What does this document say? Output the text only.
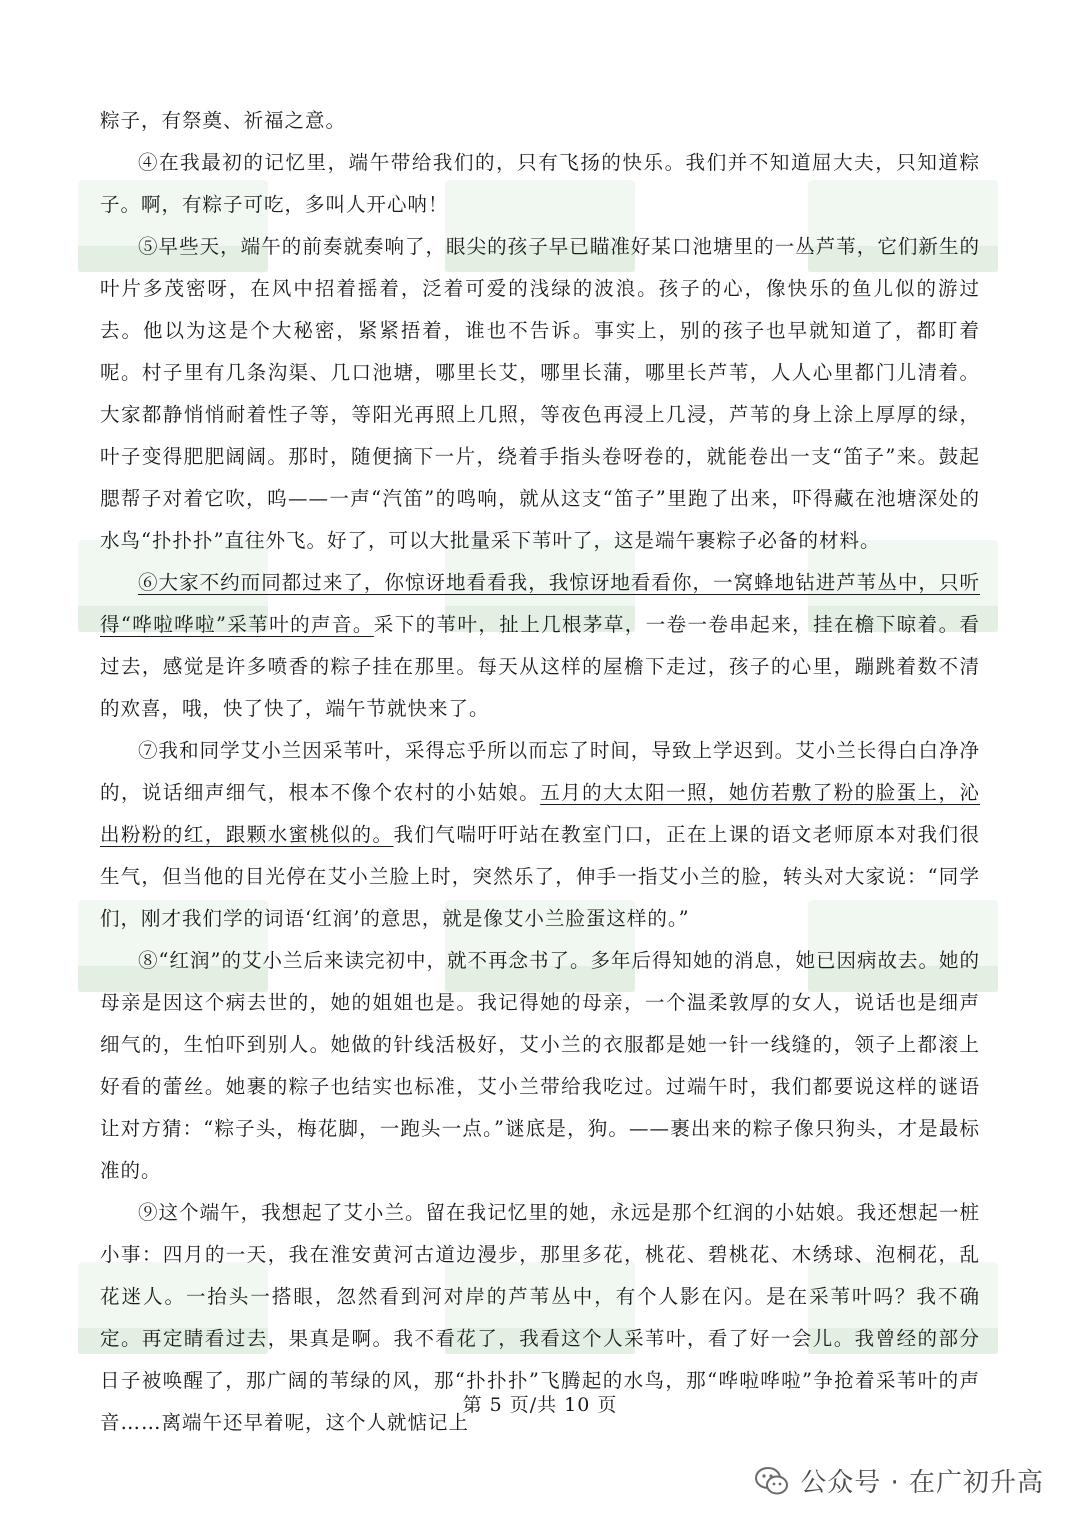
粽子，有祭奠、祈福之意。

④在我最初的记忆里，端午带给我们的，只有飞扬的快乐。我们并不知道屈大夫，只知道粽子。啊，有粽子可吃，多叫人开心呐！

⑤早些天，端午的前奏就奏响了，眼尖的孩子早已瞄准好某口池塘里的一丛芦苇，它们新生的叶片多茂密呀，在风中招着摇着，泛着可爱的浅绿的波浪。孩子的心，像快乐的鱼儿似的游过去。他以为这是个大秘密，紧紧捂着，谁也不告诉。事实上，别的孩子也早就知道了，都盯着呢。村子里有几条沟渠、几口池塘，哪里长艾，哪里长蒲，哪里长芦苇，人人心里都门儿清着。大家都静悄悄耐着性子等，等阳光再照上几照，等夜色再浸上几浸，芦苇的身上涂上厚厚的绿，叶子变得肥肥阔阔。那时，随便摘下一片，绕着手指头卷呀卷的，就能卷出一支“笛子”来。鼓起腮帮子对着它吹，呜——一声“汽笛”的鸣响，就从这支“笛子”里跑了出来，吓得藏在池塘深处的水鸟“扑扑扑”直往外飞。好了，可以大批量采下苇叶了，这是端午裹粽子必备的材料。

⑥大家不约而同都过来了，你惊讶地看看我，我惊讶地看看你，一窝蜂地钻进芦苇丛中，只听得“哗啦哗啦”采苇叶的声音。采下的苇叶，扯上几根茅草，一卷一卷串起来，挂在檐下晾着。看过去，感觉是许多喷香的粽子挂在那里。每天从这样的屋檐下走过，孩子的心里，蹦跳着数不清的欢喜，哦，快了快了，端午节就快来了。

⑦我和同学艾小兰因采苇叶，采得忘乎所以而忘了时间，导致上学迟到。艾小兰长得白白净净的，说话细声细气，根本不像个农村的小姑娘。五月的大太阳一照，她仿若敷了粉的脸蛋上，沁出粉粉的红，跟颗水蜜桃似的。我们气喘吁吁站在教室门口，正在上课的语文老师原本对我们很生气，但当他的目光停在艾小兰脸上时，突然乐了，伸手一指艾小兰的脸，转头对大家说：“同学们，刚才我们学的词语‘红润’的意思，就是像艾小兰脸蛋这样的。”

⑧“红润”的艾小兰后来读完初中，就不再念书了。多年后得知她的消息，她已因病故去。她的母亲是因这个病去世的，她的姐姐也是。我记得她的母亲，一个温柔敦厚的女人，说话也是细声细气的，生怕吓到别人。她做的针线活极好，艾小兰的衣服都是她一针一线缝的，领子上都滚上好看的蕾丝。她裹的粽子也结实也标准，艾小兰带给我吃过。过端午时，我们都要说这样的谜语让对方猜：“粽子头，梅花脚，一跑头一点。”谜底是，狗。——裹出来的粽子像只狗头，才是最标准的。

⑨这个端午，我想起了艾小兰。留在我记忆里的她，永远是那个红润的小姑娘。我还想起一桩小事：四月的一天，我在淮安黄河古道边漫步，那里多花，桃花、碧桃花、木绣球、泡桐花，乱花迷人。一抬头一搭眼，忽然看到河对岸的芦苇丛中，有个人影在闪。是在采苇叶吗？我不确定。再定睛看过去，果真是啊。我不看花了，我看这个人采苇叶，看了好一会儿。我曾经的部分日子被唤醒了，那广阔的苇绿的风，那“扑扑扑”飞腾起的水鸟，那“哗啦哗啦”争抢着采苇叶的声音……离端午还早着呢，这个人就惦记上

第 5 页/共 10 页
公众号 · 在广初升高
